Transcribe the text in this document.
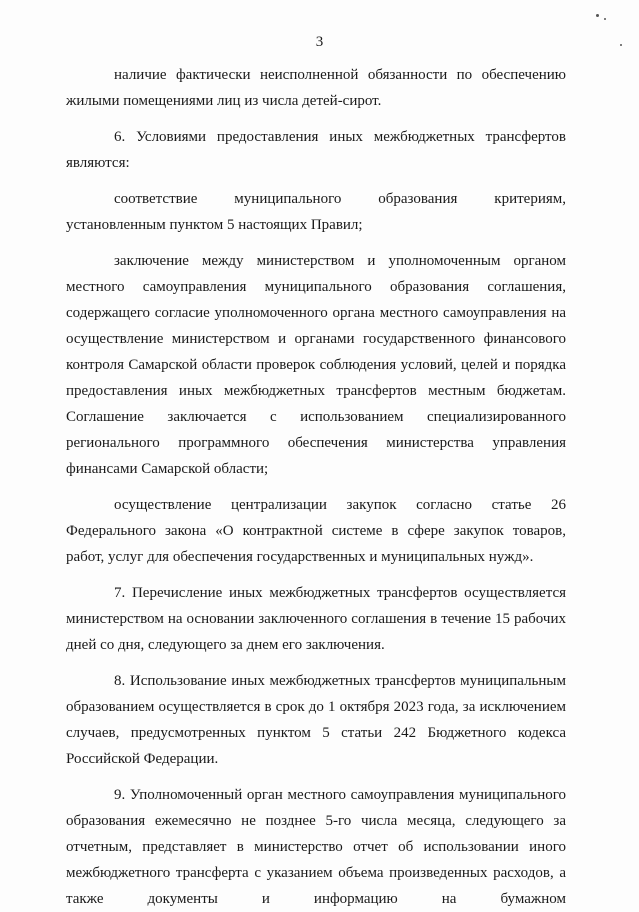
3

наличие фактически неисполненной обязанности по обеспечению жилыми помещениями лиц из числа детей-сирот.

6. Условиями предоставления иных межбюджетных трансфертов являются:

соответствие муниципального образования критериям, установленным пунктом 5 настоящих Правил;

заключение между министерством и уполномоченным органом местного самоуправления муниципального образования соглашения, содержащего согласие уполномоченного органа местного самоуправления на осуществление министерством и органами государственного финансового контроля Самарской области проверок соблюдения условий, целей и порядка предоставления иных межбюджетных трансфертов местным бюджетам. Соглашение заключается с использованием специализированного регионального программного обеспечения министерства управления финансами Самарской области;

осуществление централизации закупок согласно статье 26 Федерального закона «О контрактной системе в сфере закупок товаров, работ, услуг для обеспечения государственных и муниципальных нужд».

7. Перечисление иных межбюджетных трансфертов осуществляется министерством на основании заключенного соглашения в течение 15 рабочих дней со дня, следующего за днем его заключения.

8. Использование иных межбюджетных трансфертов муниципальным образованием осуществляется в срок до 1 октября 2023 года, за исключением случаев, предусмотренных пунктом 5 статьи 242 Бюджетного кодекса Российской Федерации.

9. Уполномоченный орган местного самоуправления муниципального образования ежемесячно не позднее 5-го числа месяца, следующего за отчетным, представляет в министерство отчет об использовании иного межбюджетного трансферта с указанием объема произведенных расходов, а также документы и информацию на бумажном
